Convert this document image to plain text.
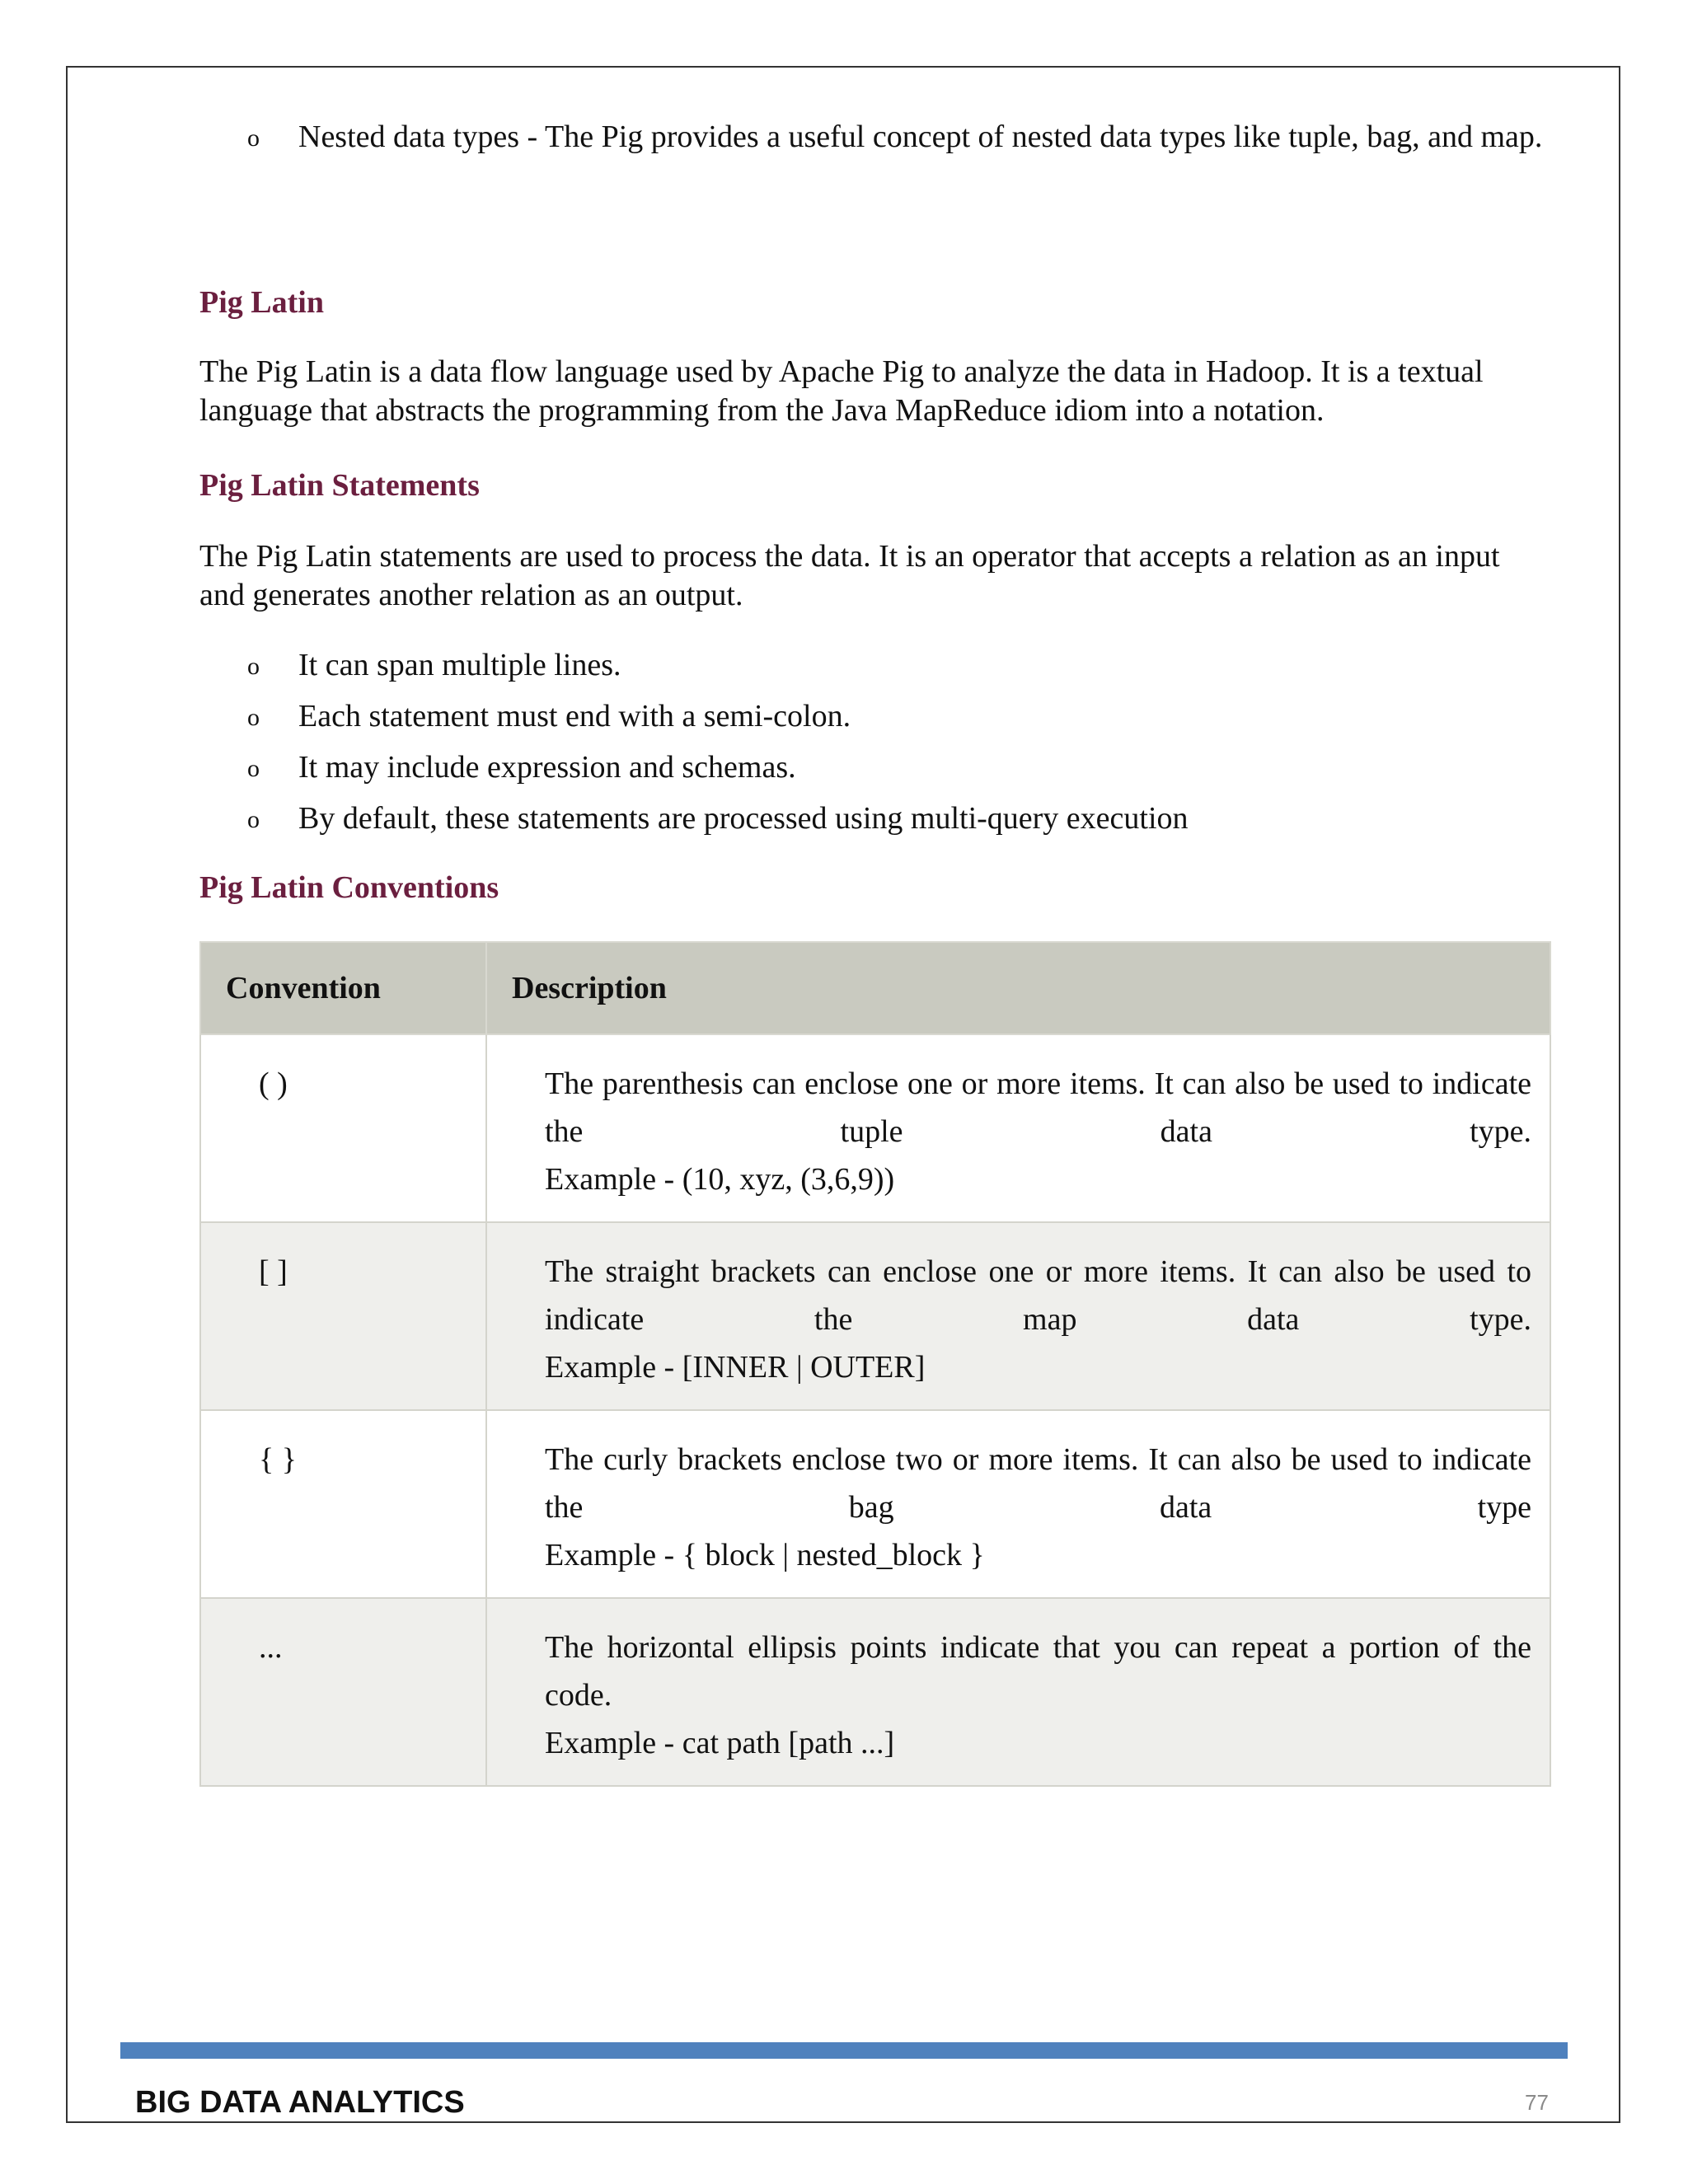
o Nested data types - The Pig provides a useful concept of nested data types like tuple, bag, and map.
Pig Latin

The Pig Latin is a data flow language used by Apache Pig to analyze the data in Hadoop. It is a textual language that abstracts the programming from the Java MapReduce idiom into a notation.

Pig Latin Statements

The Pig Latin statements are used to process the data. It is an operator that accepts a relation as an input and generates another relation as an output.

o It can span multiple lines.
o Each statement must end with a semi-colon.
o It may include expression and schemas.
o By default, these statements are processed using multi-query execution
Pig Latin Conventions
Convention	Description
( )	The parenthesis can enclose one or more items. It can also be used to indicate the tuple data type.
Example - (10, xyz, (3,6,9))

[ ]	The straight brackets can enclose one or more items. It can also be used to indicate the map data type.
Example - [INNER | OUTER]

{ }	The curly brackets enclose two or more items. It can also be used to indicate the bag data type
Example - { block | nested_block }

...	The horizontal ellipsis points indicate that you can repeat a portion of the code.
Example - cat path [path ...]
BIG DATA ANALYTICS	77
